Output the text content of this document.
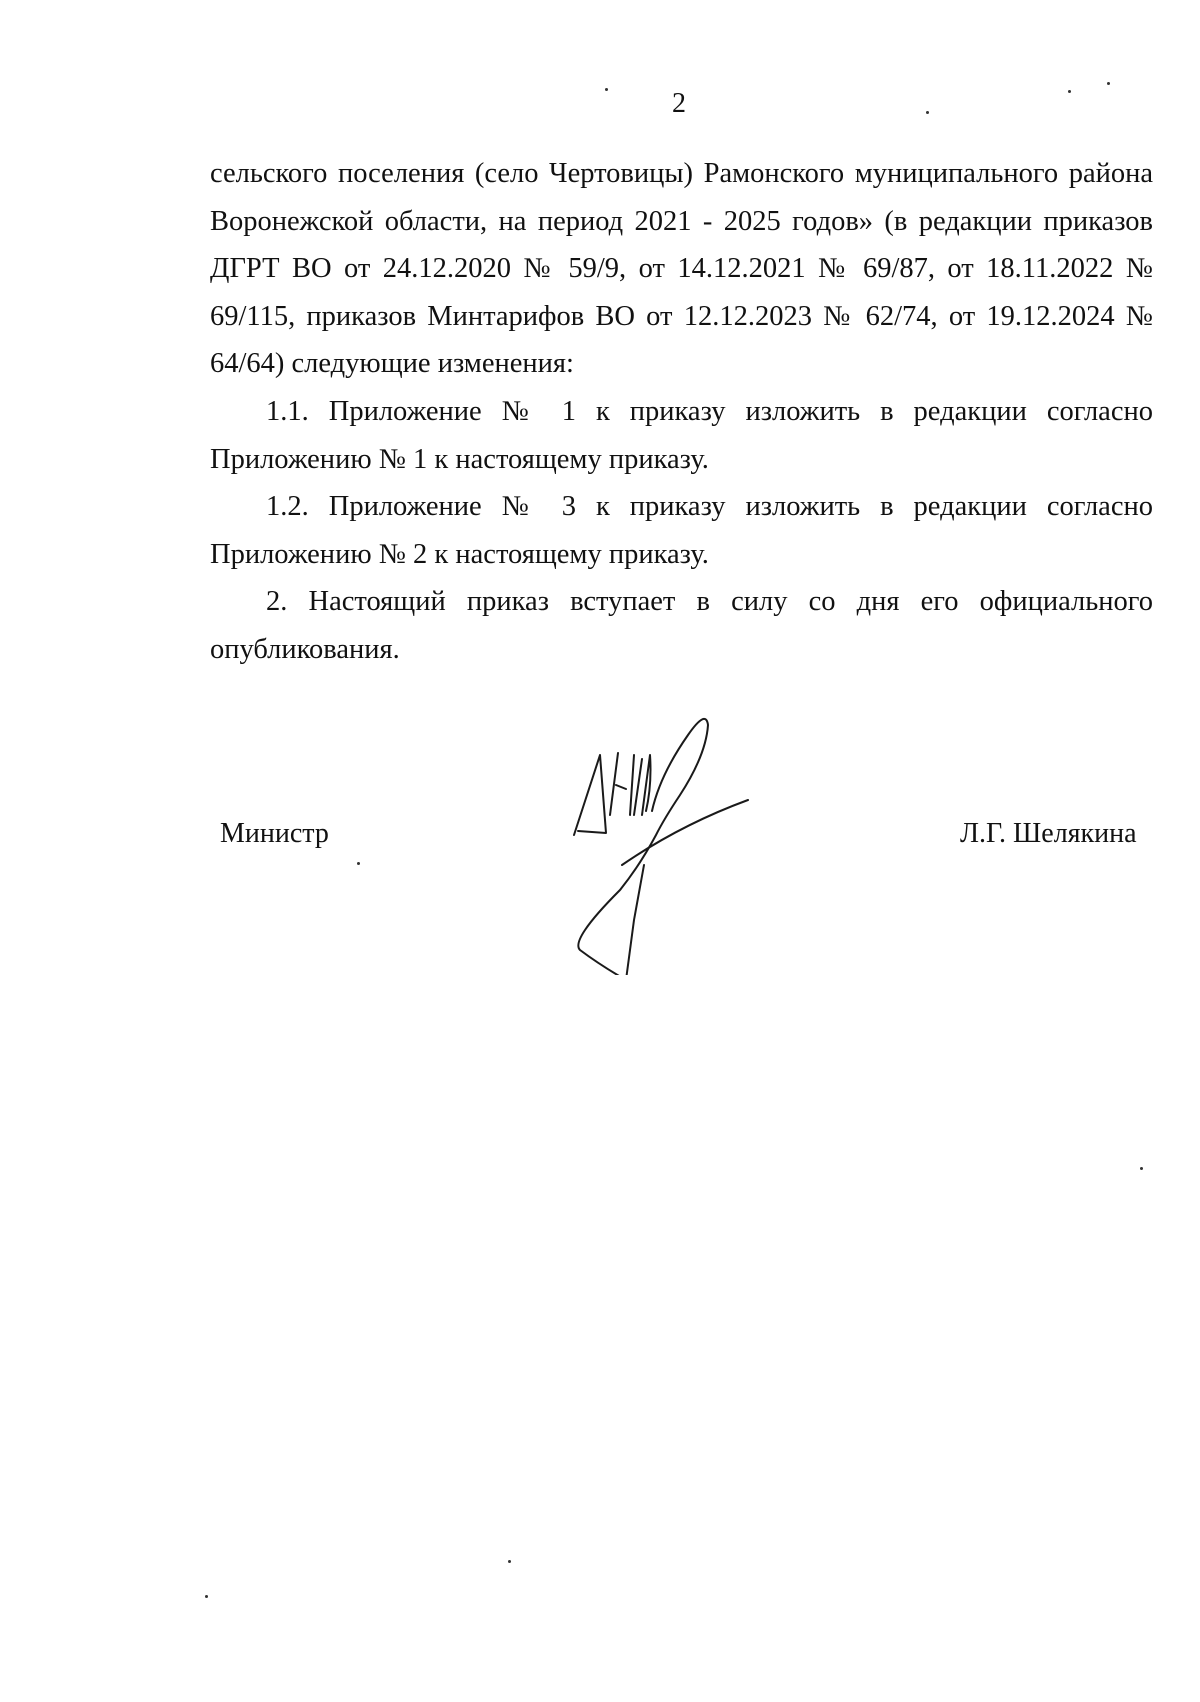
2

сельского поселения (село Чертовицы) Рамонского муниципального района Воронежской области, на период 2021 - 2025 годов» (в редакции приказов ДГРТ ВО от 24.12.2020 № 59/9, от 14.12.2021 № 69/87, от 18.11.2022 № 69/115, приказов Минтарифов ВО от 12.12.2023 № 62/74, от 19.12.2024 № 64/64) следующие изменения:

1.1. Приложение № 1 к приказу изложить в редакции согласно Приложению № 1 к настоящему приказу.

1.2. Приложение № 3 к приказу изложить в редакции согласно Приложению № 2 к настоящему приказу.

2. Настоящий приказ вступает в силу со дня его официального опубликования.

Министр	Л.Г. Шелякина
